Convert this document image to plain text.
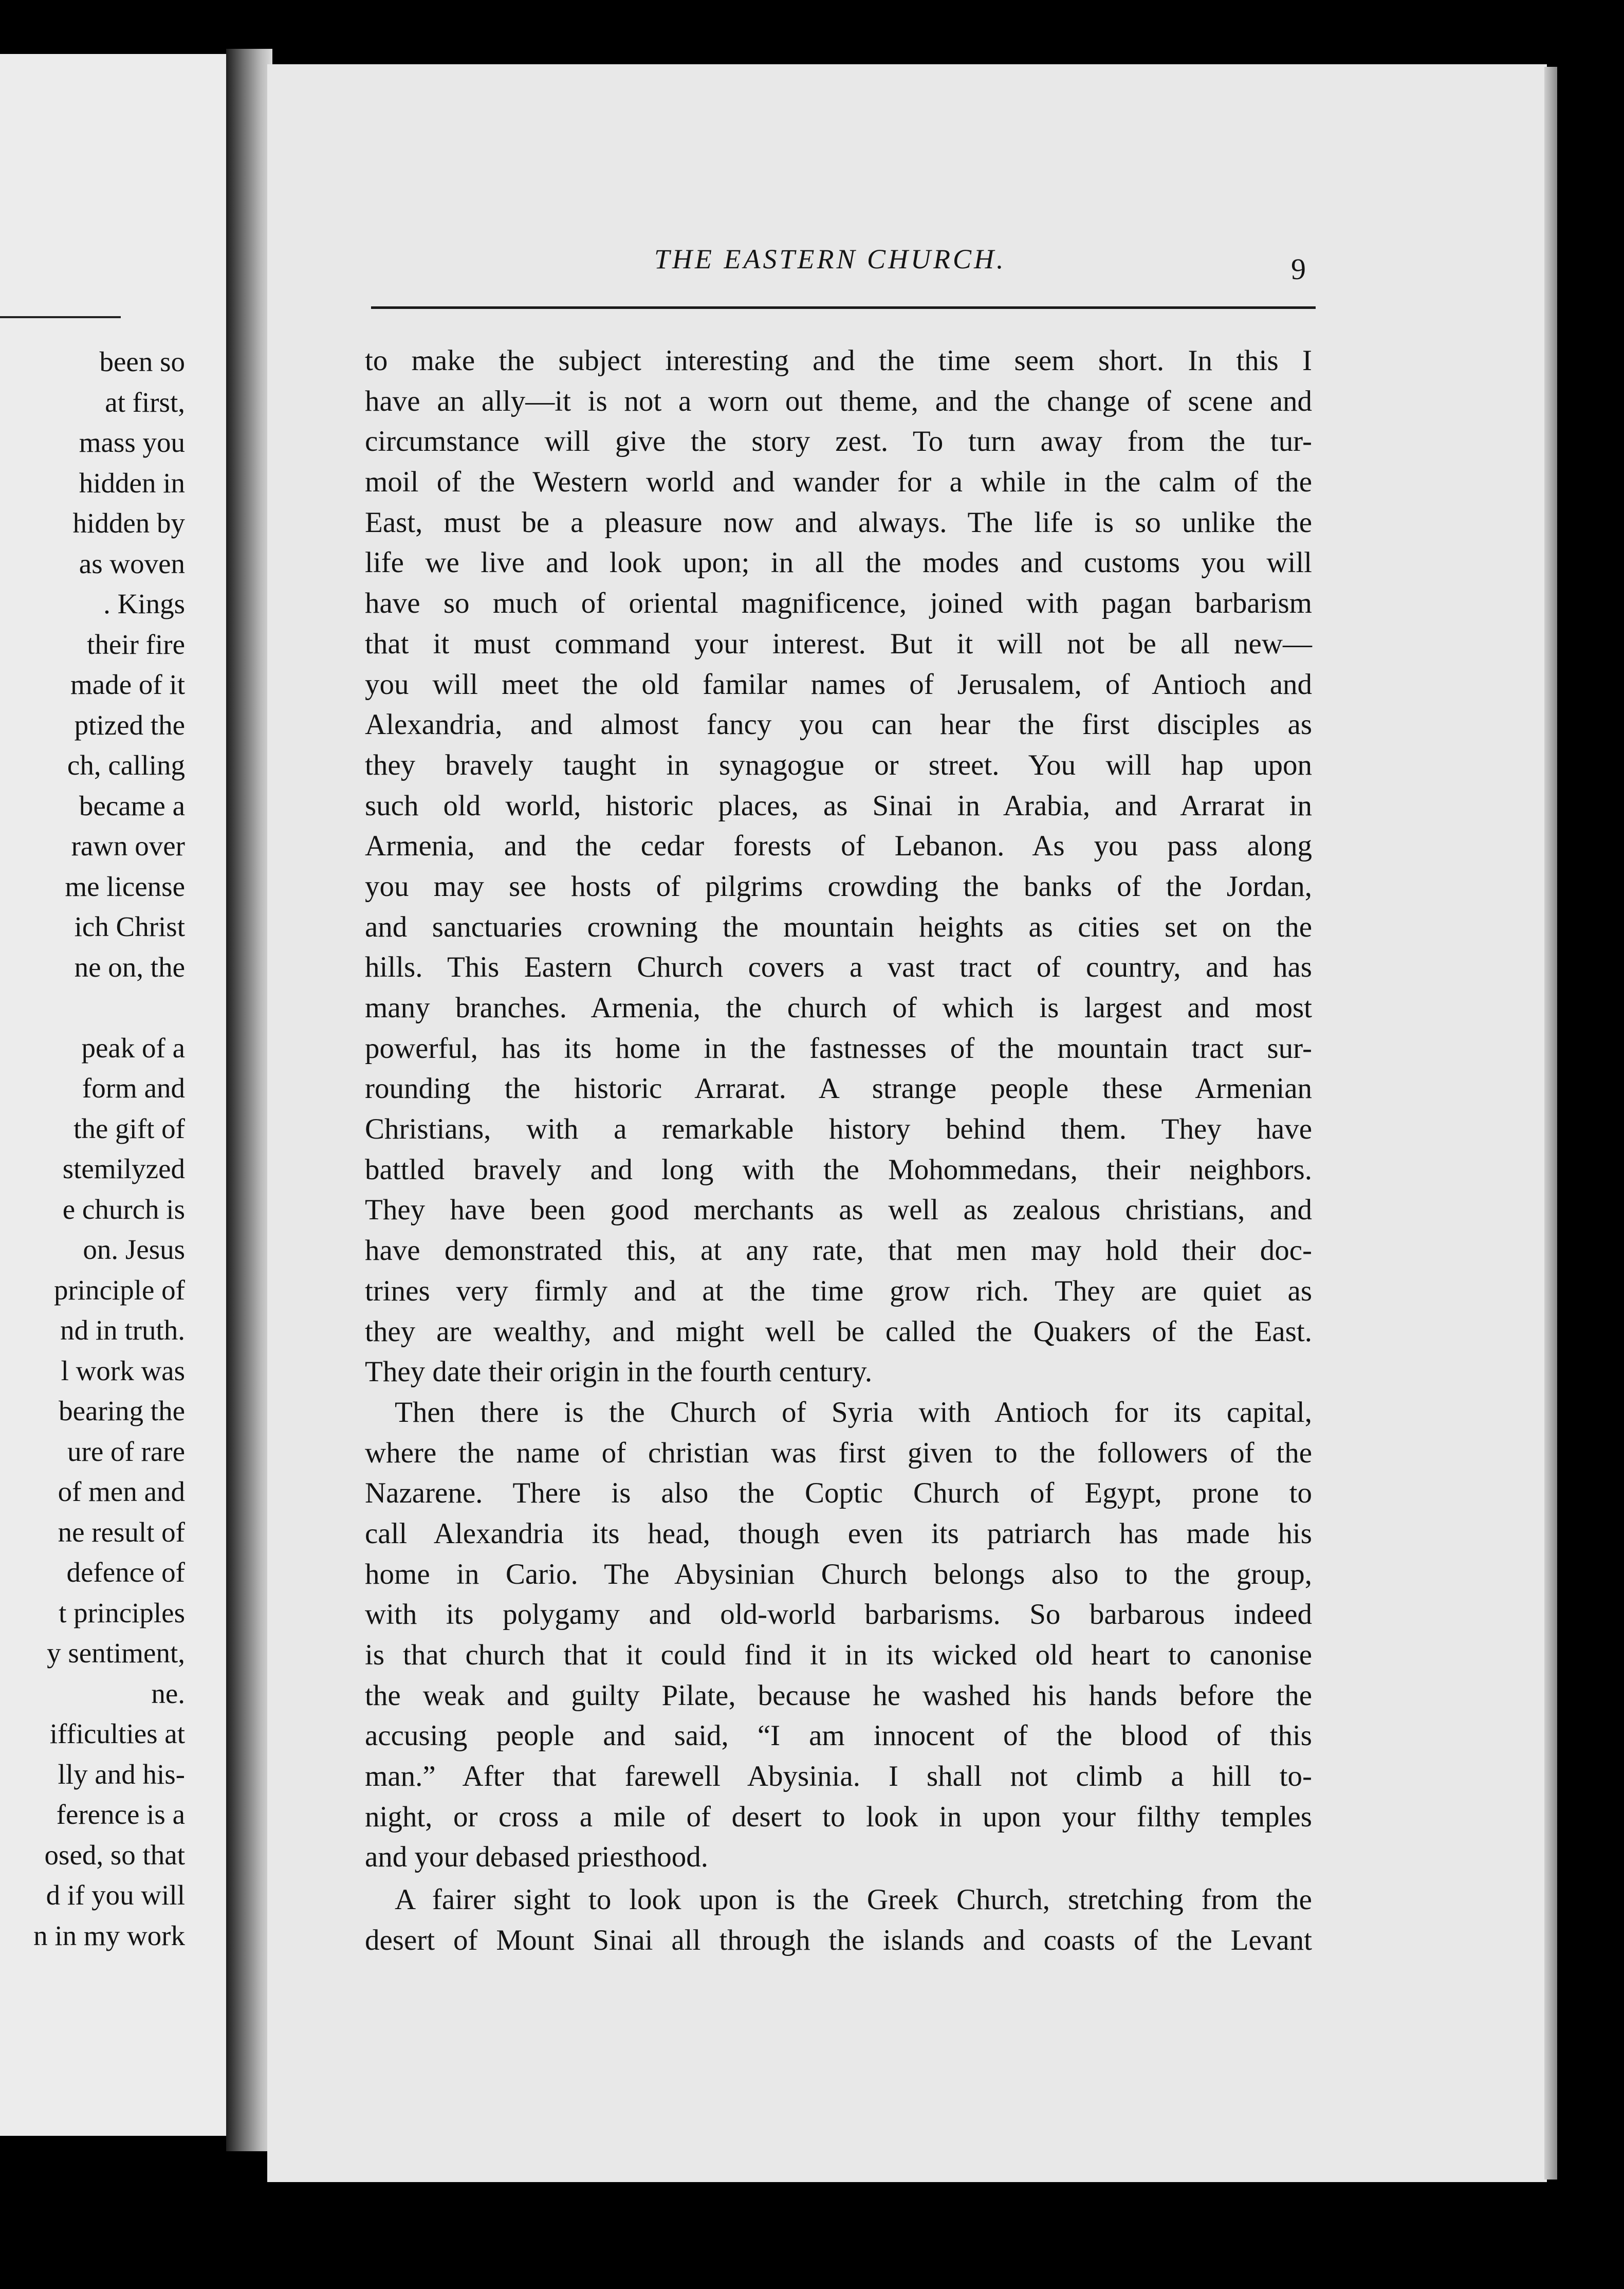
been so
at first,
mass you
hidden in
hidden by
as woven
. Kings
their fire
made of it
ptized the
ch, calling
became a
rawn over
me license
ich Christ
ne on, the
peak of a
form and
the gift of
stemilyzed
e church is
on. Jesus
principle of
nd in truth.
l work was
bearing the
ure of rare
of men and
ne result of
defence of
t principles
y sentiment,
ne.
ifficulties at
lly and his-
ference is a
osed, so that
d if you will
n in my work
THE EASTERN CHURCH.	9
to make the subject interesting and the time seem short. In this I
have an ally—it is not a worn out theme, and the change of scene and
circumstance will give the story zest. To turn away from the tur-
moil of the Western world and wander for a while in the calm of the
East, must be a pleasure now and always. The life is so unlike the
life we live and look upon; in all the modes and customs you will
have so much of oriental magnificence, joined with pagan barbarism
that it must command your interest. But it will not be all new—
you will meet the old familar names of Jerusalem, of Antioch and
Alexandria, and almost fancy you can hear the first disciples as
they bravely taught in synagogue or street. You will hap upon
such old world, historic places, as Sinai in Arabia, and Arrarat in
Armenia, and the cedar forests of Lebanon. As you pass along
you may see hosts of pilgrims crowding the banks of the Jordan,
and sanctuaries crowning the mountain heights as cities set on the
hills. This Eastern Church covers a vast tract of country, and has
many branches. Armenia, the church of which is largest and most
powerful, has its home in the fastnesses of the mountain tract sur-
rounding the historic Arrarat. A strange people these Armenian
Christians, with a remarkable history behind them. They have
battled bravely and long with the Mohommedans, their neighbors.
They have been good merchants as well as zealous christians, and
have demonstrated this, at any rate, that men may hold their doc-
trines very firmly and at the time grow rich. They are quiet as
they are wealthy, and might well be called the Quakers of the East.
They date their origin in the fourth century.
Then there is the Church of Syria with Antioch for its capital,
where the name of christian was first given to the followers of the
Nazarene. There is also the Coptic Church of Egypt, prone to
call Alexandria its head, though even its patriarch has made his
home in Cario. The Abysinian Church belongs also to the group,
with its polygamy and old-world barbarisms. So barbarous indeed
is that church that it could find it in its wicked old heart to canonise
the weak and guilty Pilate, because he washed his hands before the
accusing people and said, “I am innocent of the blood of this
man.” After that farewell Abysinia. I shall not climb a hill to-
night, or cross a mile of desert to look in upon your filthy temples
and your debased priesthood.
A fairer sight to look upon is the Greek Church, stretching from the
desert of Mount Sinai all through the islands and coasts of the Levant
